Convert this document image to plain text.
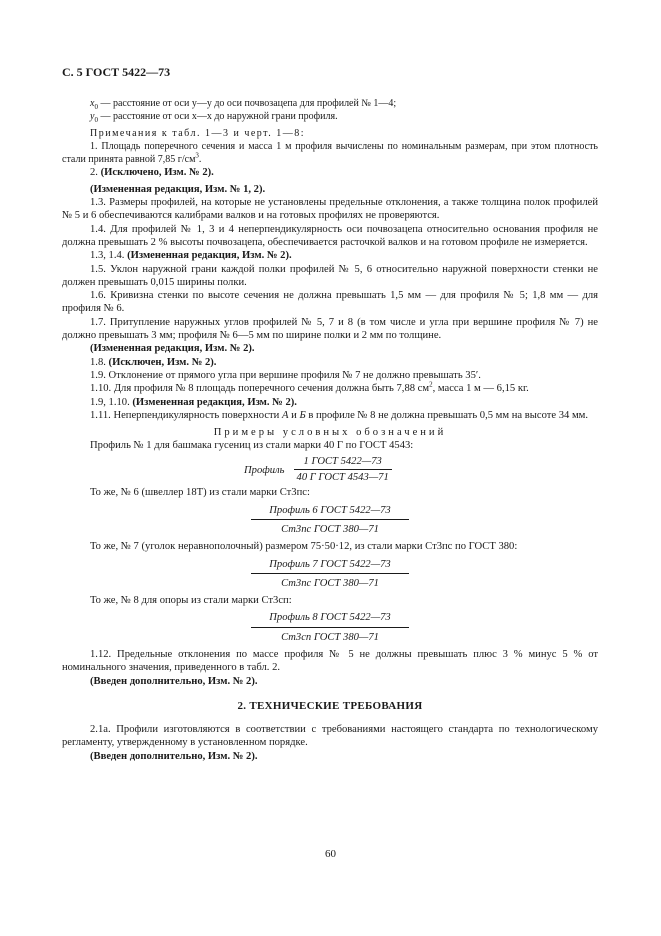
С. 5 ГОСТ 5422—73

$x_0$ — расстояние от оси у—у до оси почвозацепа для профилей № 1—4;

$y_0$ — расстояние от оси х—х до наружной грани профиля.

Примечания к табл. 1—3 и черт. 1—8:

1. Площадь поперечного сечения и масса 1 м профиля вычислены по номинальным размерам, при этом плотность стали принята равной 7,85 $г/см^3$.

2. (Исключено, Изм. № 2).

(Измененная редакция, Изм. № 1, 2).

1.3. Размеры профилей, на которые не установлены предельные отклонения, а также толщина полок профилей № 5 и 6 обеспечиваются калибрами валков и на готовых профилях не проверяются.

1.4. Для профилей № 1, 3 и 4 неперпендикулярность оси почвозацепа относительно основания профиля не должна превышать 2 % высоты почвозацепа, обеспечивается расточкой валков и на готовом профиле не измеряется.

1.3, 1.4. (Измененная редакция, Изм. № 2).

1.5. Уклон наружной грани каждой полки профилей № 5, 6 относительно наружной поверхности стенки не должен превышать 0,015 ширины полки.

1.6. Кривизна стенки по высоте сечения не должна превышать 1,5 мм — для профиля № 5; 1,8 мм — для профиля № 6.

1.7. Притупление наружных углов профилей № 5, 7 и 8 (в том числе и угла при вершине профиля № 7) не должно превышать 3 мм; профиля № 6—5 мм по ширине полки и 2 мм по толщине.

(Измененная редакция, Изм. № 2).

1.8. (Исключен, Изм. № 2).

1.9. Отклонение от прямого угла при вершине профиля № 7 не должно превышать 35′.

1.10. Для профиля № 8 площадь поперечного сечения должна быть 7,88 $см^2$, масса 1 м — 6,15 кг.

1.9, 1.10. (Измененная редакция, Изм. № 2).

1.11. Неперпендикулярность поверхности А и Б в профиле № 8 не должна превышать 0,5 мм на высоте 34 мм.

Примеры условных обозначений

Профиль № 1 для башмака гусениц из стали марки 40 Г по ГОСТ 4543:

Профиль $\frac{\text{1 ГОСТ 5422—73}}{\text{40 Г ГОСТ 4543—71}}$

То же, № 6 (швеллер 18Т) из стали марки Ст3пс:

$\frac{\text{Профиль 6 ГОСТ 5422—73}}{\text{Ст3пс ГОСТ 380—71}}$

То же, № 7 (уголок неравнополочный) размером 75·50·12, из стали марки Ст3пс по ГОСТ 380:

$\frac{\text{Профиль 7 ГОСТ 5422—73}}{\text{Ст3пс ГОСТ 380—71}}$

То же, № 8 для опоры из стали марки Ст3сп:

$\frac{\text{Профиль 8 ГОСТ 5422—73}}{\text{Ст3сп ГОСТ 380—71}}$

1.12. Предельные отклонения по массе профиля № 5 не должны превышать плюс 3 % минус 5 % от номинального значения, приведенного в табл. 2.

(Введен дополнительно, Изм. № 2).

2. ТЕХНИЧЕСКИЕ ТРЕБОВАНИЯ

2.1а. Профили изготовляются в соответствии с требованиями настоящего стандарта по технологическому регламенту, утвержденному в установленном порядке.

(Введен дополнительно, Изм. № 2).

60
